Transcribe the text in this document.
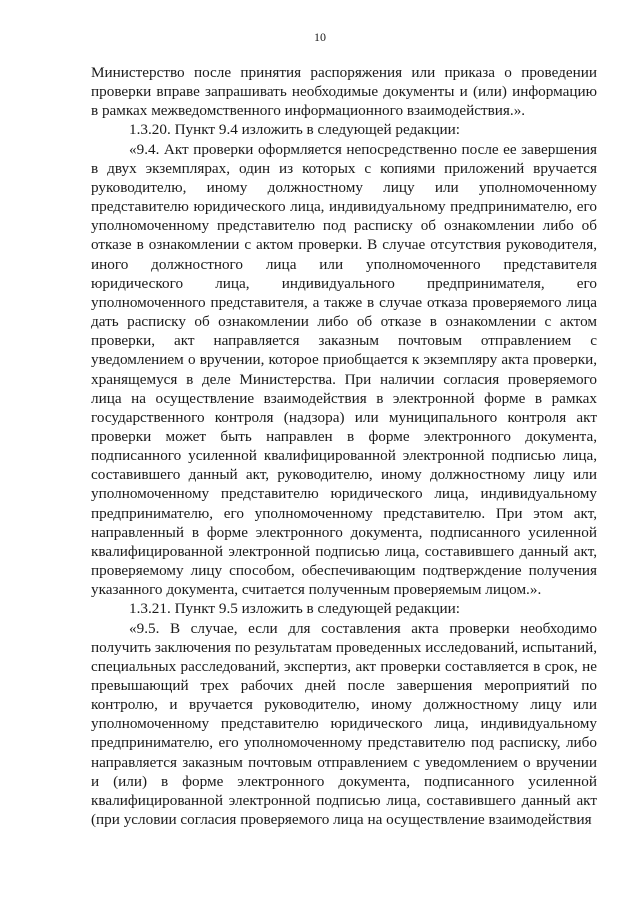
10

Министерство после принятия распоряжения или приказа о проведении проверки вправе запрашивать необходимые документы и (или) информацию в рамках межведомственного информационного взаимодействия.».

1.3.20. Пункт 9.4 изложить в следующей редакции:

«9.4. Акт проверки оформляется непосредственно после ее завершения в двух экземплярах, один из которых с копиями приложений вручается руководителю, иному должностному лицу или уполномоченному представителю юридического лица, индивидуальному предпринимателю, его уполномоченному представителю под расписку об ознакомлении либо об отказе в ознакомлении с актом проверки. В случае отсутствия руководителя, иного должностного лица или уполномоченного представителя юридического лица, индивидуального предпринимателя, его уполномоченного представителя, а также в случае отказа проверяемого лица дать расписку об ознакомлении либо об отказе в ознакомлении с актом проверки, акт направляется заказным почтовым отправлением с уведомлением о вручении, которое приобщается к экземпляру акта проверки, хранящемуся в деле Министерства. При наличии согласия проверяемого лица на осуществление взаимодействия в электронной форме в рамках государственного контроля (надзора) или муниципального контроля акт проверки может быть направлен в форме электронного документа, подписанного усиленной квалифицированной электронной подписью лица, составившего данный акт, руководителю, иному должностному лицу или уполномоченному представителю юридического лица, индивидуальному предпринимателю, его уполномоченному представителю. При этом акт, направленный в форме электронного документа, подписанного усиленной квалифицированной электронной подписью лица, составившего данный акт, проверяемому лицу способом, обеспечивающим подтверждение получения указанного документа, считается полученным проверяемым лицом.».

1.3.21. Пункт 9.5 изложить в следующей редакции:

«9.5. В случае, если для составления акта проверки необходимо получить заключения по результатам проведенных исследований, испытаний, специальных расследований, экспертиз, акт проверки составляется в срок, не превышающий трех рабочих дней после завершения мероприятий по контролю, и вручается руководителю, иному должностному лицу или уполномоченному представителю юридического лица, индивидуальному предпринимателю, его уполномоченному представителю под расписку, либо направляется заказным почтовым отправлением с уведомлением о вручении и (или) в форме электронного документа, подписанного усиленной квалифицированной электронной подписью лица, составившего данный акт (при условии согласия проверяемого лица на осуществление взаимодействия
